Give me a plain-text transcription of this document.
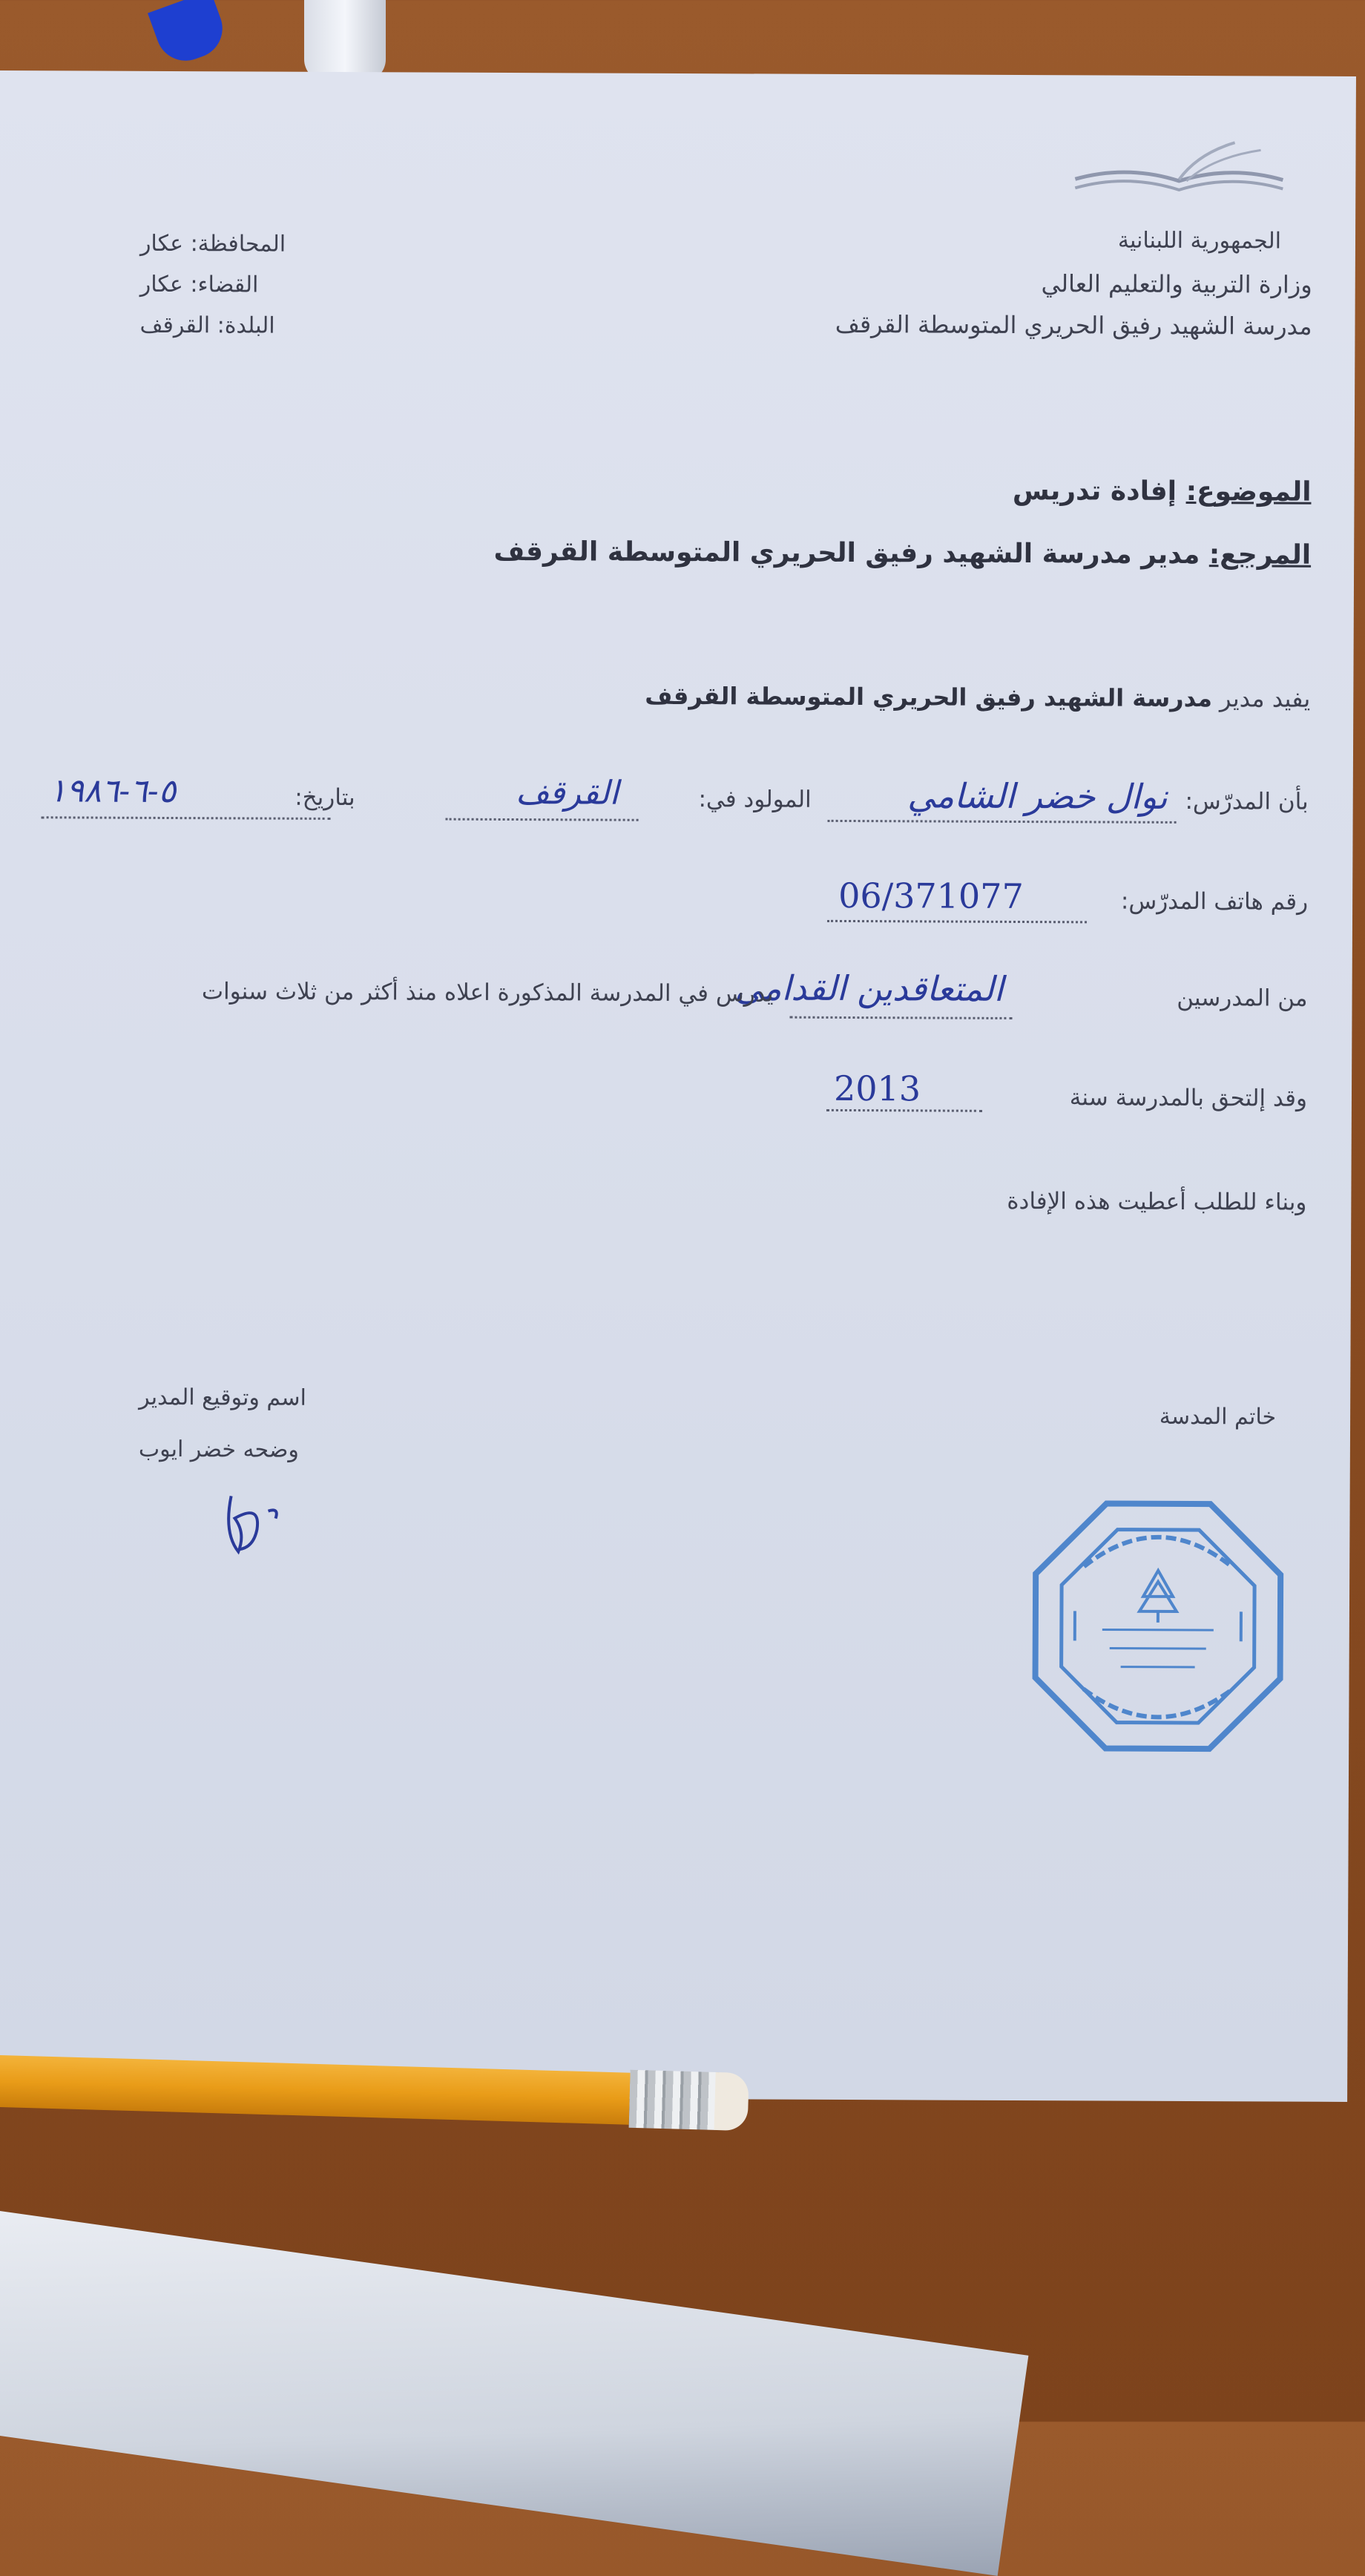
الجمهورية اللبنانية
وزارة التربية والتعليم العالي
مدرسة الشهيد رفيق الحريري المتوسطة القرقف
المحافظة: عكار
القضاء: عكار
البلدة: القرقف
الموضوع: إفادة تدريس
المرجع: مدير مدرسة الشهيد رفيق الحريري المتوسطة القرقف
يفيد مدير مدرسة الشهيد رفيق الحريري المتوسطة القرقف
بأن المدرّس:
نوال خضر الشامي
المولود في:
القرقف
بتاريخ:
٥-٦-١٩٨٦
رقم هاتف المدرّس:
06/371077
من المدرسين
المتعاقدين القدامى
يدرس في المدرسة المذكورة اعلاه منذ أكثر من ثلاث سنوات
وقد إلتحق بالمدرسة سنة
2013
وبناء للطلب أعطيت هذه الإفادة
خاتم المدسة
اسم وتوقيع المدير
وضحه خضر ايوب
